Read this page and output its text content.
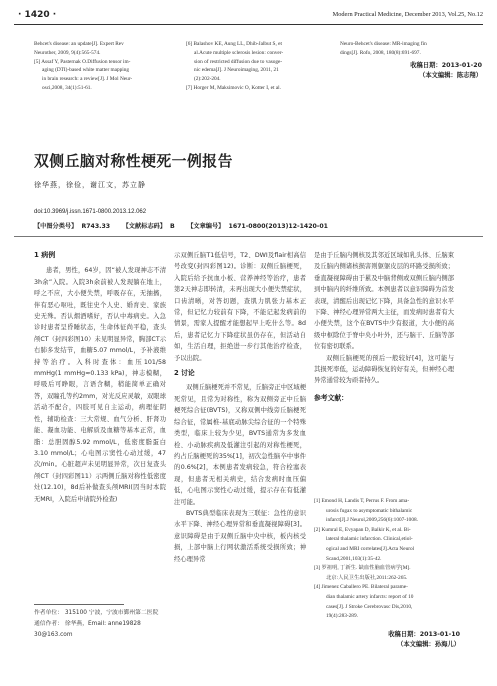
· 1420 ·	Modern Practical Medicine, December 2013, Vol.25, No.12

Behcet's disease: an update[J]. Expert Rev

Neurother, 2009, 9(4):565-574.

[5] Assaf Y, Pasternak O.Diffusion tensor im-

aging (DTI)-based white matter mapping

in brain research: a review[J]. J Mol Neur-

osci,2008, 34(1):51-61.

[6] Balashov KE, Aung LL, Dhib-Jalbut S, et

al.Acute multiple sclerosis lesion: conver-

sion of restricted diffusion due to vasoge-

nic edema[J]. J Neuroimaging, 2011, 21

(2):202-204.

[7] Horger M, Maksimovic O, Kotter I, et al.

Neuro-Behcet's disease: MR-imaging fin

dings[J]. Rofo, 2008, 180(8):691-697.

收稿日期：2013-01-20
（本文编辑：陈志翔）
双侧丘脑对称性梗死一例报告
徐华燕，徐俭，谢江文，苏立静
doi:10.3969/j.issn.1671-0800.2013.12.062
【中图分类号】 R743.33 【文献标志码】 B 【文章编号】 1671-0800(2013)12-1420-01

1 病例

患者，男性，64岁，因“被人发现神志不清3h余”入院。入院3h余前被人发现躺在地上，呼之不应，大小便失禁，呼吸存在，无抽搐，伴有恶心呕吐，既往史个人史、婚育史、家族史无殊。否认烟酒嗜好，否认中毒病史。入急诊时患者呈昏睡状态，生命体征尚平稳，查头颅CT（封四彩图10）未见明显异常，胸部CT示右肺多发结节，血糖5.07 mmol/L，予补液维持等治疗。入科时查体：血压101/58 mmHg(1 mmHg≈0.133 kPa)，神志模糊，呼吸后可睁眼，言语含糊，稍能简单正确对答，双瞳孔等约2mm，对光反应灵敏，双眼球活动不配合，四肢可见自主运动，病理征阴性，辅助检查：三大常规、血气分析、肝肾功能、凝血功能、电解质及血糖等基本正常，血脂：总胆固醇5.92 mmol/L，低密度脂蛋白3.10 mmol/L；心电图示窦性心动过缓，47次/min。心脏超声未见明显异常，次日复查头颅CT（封四彩图11）示两侧丘脑对称性低密度灶(12.10)，8d后补做查头颅MRI(因当时本院无MRI，入院后申请院外检查)

作者单位： 315100 宁波，宁波市鄞州第二医院
通信作者： 徐华燕，Email: anne19828 30@163.com

示双侧丘脑T1低信号，T2、DWI及flair相高信号改变(封四彩图12)。诊断：双侧丘脑梗死，入院后给予抗血小板、营养神经等治疗，患者第2天神志即转清，未再出现大小便失禁症状，口齿清晰，对答切题，查肌力肌张力基本正常，但记忆力较前有下降，不能记起发病前的情景，需家人提醒才能想起早上吃什么等。8d后，患者记忆力下降症状虽仍存在，但活动自如，生活自理，拒绝进一步行其他治疗检查，予以出院。

2 讨论

双侧丘脑梗死并不常见，丘脑旁正中区域梗死常见，且常为对称性，称为双侧旁正中丘脑梗死综合征(BVTS)，又称双侧中线旁丘脑梗死综合征，常属椎-基底动脉尖综合征的一个特殊类型，临床上较为少见，BVTS通常为多发血栓、小动脉疾病及低灌注引起的对称性梗死，约占丘脑梗死的35%[1]，初次急性脑卒中事件的0.6%[2]，本例患者发病较急，符合栓塞表现，但患者无相关病史，结合发病时血压偏低，心电图示窦性心动过缓，提示存在有低灌注可能。

BVTS典型临床表现为三联征：急性的意识水平下降、神经心理异常和垂直凝视障碍[3]。意识障碍是由于双侧丘脑中央中核，板内核受损，上部中脑上行网状激活系统受损所致；神经心理异常

是由于丘脑内侧核及其邻近区域如乳头体、丘脑束及丘脑内侧诸核损害则躯躯皮层的环路受损所致；垂直凝视障碍由于累及中脑背侧或双侧丘脑内侧部到中脑内的纤维所致。本例患者以意识障碍为首发表现，清醒后出现记忆下降，具备急性的意识水平下降、神经心理异常两大主征，而发病时患者有大小便失禁，这个在BVTS中少有报道，大小便的高级中枢除位于脊中央小叶外，还与脑干、丘脑等部位有密切联系。

双侧丘脑梗死的预后一般较好[4]，这可能与其损死率低，运动障碍恢复的好有关，但神经心理异常通常较为顽者持久。

参考文献：

[1] Emond H, Landis T, Perrus F. From ama-

urosis fugax to asymptomatic bithalamic

infarct[J].J Neurol,2009,256(6):1007-1008.

[2] Kumral E, Evyapan D, Balkir K, et al. Bi-

lateral thalamic infarction. Clinical,etiol-

ogical and MRI correlates[J].Acta Neurol

Scand,2001,103(1):35-42.

[3] 罗祖明, 丁新生. 缺血性脑血管病学[M].

北京:人民卫生出版社,2011:262-265.

[4] Jimenez Caballero PE. Bilateral parame-

dian thalamic artery infarcts: report of 10

cases[J]. J Stroke Cerebrovasc Dis,2010,

19(4):283-289.

收稿日期：2013-01-10
（本文编辑：孙海儿）
